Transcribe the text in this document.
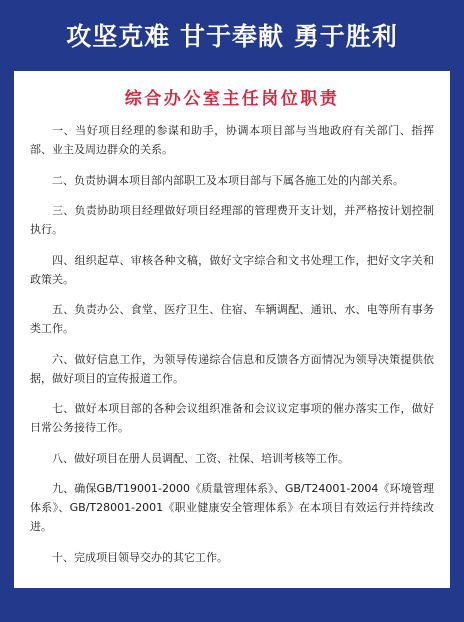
攻坚克难 甘于奉献 勇于胜利
综合办公室主任岗位职责

一、当好项目经理的参谋和助手，协调本项目部与当地政府有关部门、指挥部、业主及周边群众的关系。

二、负责协调本项目部内部职工及本项目部与下属各施工处的内部关系。

三、负责协助项目经理做好项目经理部的管理费开支计划，并严格按计划控制执行。

四、组织起草、审核各种文稿，做好文字综合和文书处理工作，把好文字关和政策关。

五、负责办公、食堂、医疗卫生、住宿、车辆调配、通讯、水、电等所有事务类工作。

六、做好信息工作，为领导传递综合信息和反馈各方面情况为领导决策提供依据，做好项目的宣传报道工作。

七、做好本项目部的各种会议组织准备和会议议定事项的催办落实工作，做好日常公务接待工作。

八、做好项目在册人员调配、工资、社保、培训考核等工作。

九、确保GB/T19001-2000《质量管理体系》、GB/T24001-2004《环境管理体系》、GB/T28001-2001《职业健康安全管理体系》在本项目有效运行并持续改进。

十、完成项目领导交办的其它工作。
